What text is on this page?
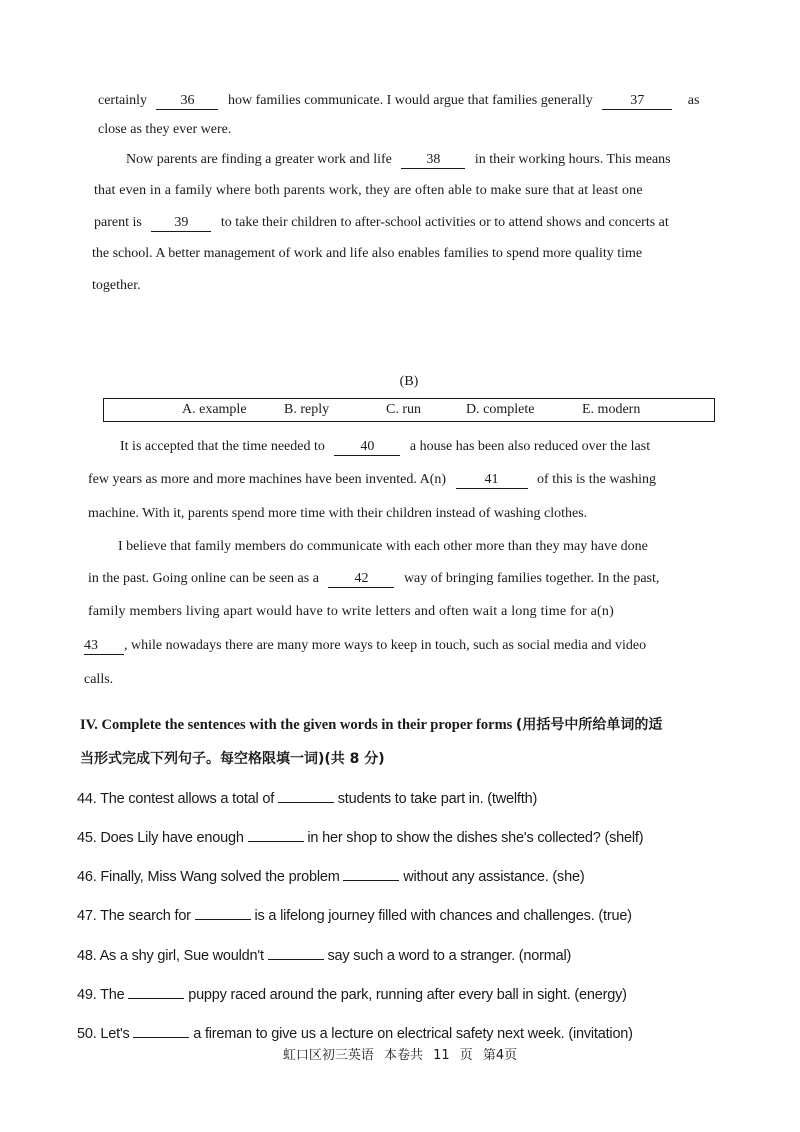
certainly 36 how families communicate. I would argue that families generally	37	as
close as they ever were.
Now parents are finding a greater work and life 38 in their working hours. This means
that even in a family where both parents work, they are often able to make sure that at least one
parent is 39 to take their children to after-school activities or to attend shows and concerts at
the school. A better management of work and life also enables families to spend more quality time
together.
(B)
A. example	B. reply	C. run	D. complete	E. modern
It is accepted that the time needed to	40	a house has been also reduced over the last
few years as more and more machines have been invented. A(n)	41	of this is the washing
machine. With it, parents spend more time with their children instead of washing clothes.
I believe that family members do communicate with each other more than they may have done
in the past. Going online can be seen as a	42	way of bringing families together. In the past,
family members living apart would have to write letters and often wait a long time for a(n)
43 , while nowadays there are many more ways to keep in touch, such as social media and video
calls.
IV. Complete the sentences with the given words in their proper forms (用括号中所给单词的适
当形式完成下列句子。每空格限填一词)(共 8 分)
44. The contest allows a total of	students to take part in. (twelfth)
45. Does Lily have enough	in her shop to show the dishes she's collected? (shelf)
46. Finally, Miss Wang solved the problem	without any assistance. (she)
47. The search for	is a lifelong journey filled with chances and challenges. (true)
48. As a shy girl, Sue wouldn't	say such a word to a stranger. (normal)
49. The	puppy raced around the park, running after every ball in sight. (energy)
50. Let's	a fireman to give us a lecture on electrical safety next week. (invitation)
虹口区初三英语 本卷共 11 页 第4页
